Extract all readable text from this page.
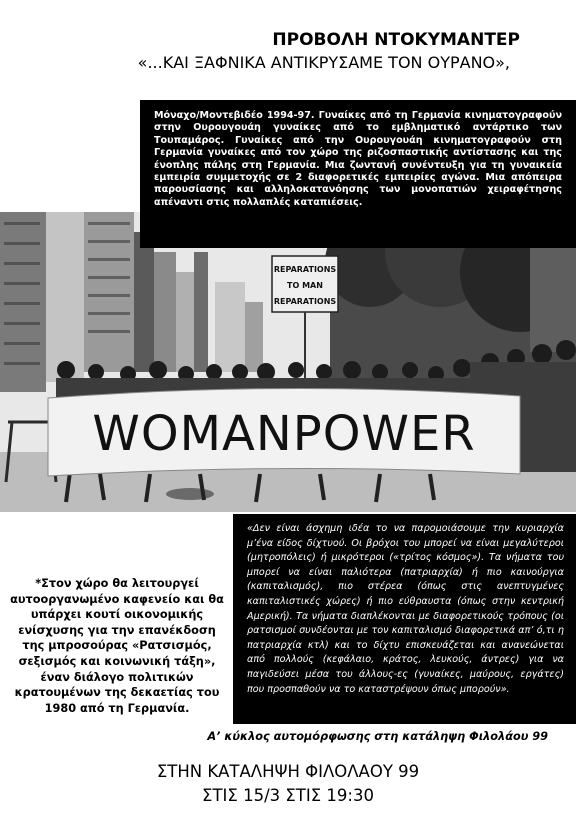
ΠΡΟΒΟΛΗ ΝΤΟΚΥΜΑΝΤΕΡ
«...ΚΑΙ ΞΑΦΝΙΚΑ ΑΝΤΙΚΡΥΣΑΜΕ ΤΟΝ ΟΥΡΑΝΟ»,
REPARATIONS
TO MAN
REPARATIONS
WOMANPOWER
Μόναχο/Μοντεβιδέο 1994-97. Γυναίκες από τη Γερμανία κινηματογραφούν στην Ουρουγουάη γυναίκες από το εμβληματικό αντάρτικο των Τουπαμάρος. Γυναίκες από την Ουρουγουάη κινηματογραφούν στη Γερμανία γυναίκες από τον χώρο της ριζοσπαστικής αντίστασης και της ένοπλης πάλης στη Γερμανία. Μια ζωντανή συνέντευξη για τη γυναικεία εμπειρία συμμετοχής σε 2 διαφορετικές εμπειρίες αγώνα. Μια απόπειρα παρουσίασης και αλληλοκατανόησης των μονοπατιών χειραφέτησης απέναντι στις πολλαπλές καταπιέσεις.
«Δεν είναι άσχημη ιδέα το να παρομοιάσουμε την κυριαρχία μ’ένα είδος δίχτυού. Οι βρόχοι του μπορεί να είναι μεγαλύτεροι (μητροπόλεις) ή μικρότεροι («τρίτος κόσμος»). Τα νήματα του μπορεί να είναι παλιότερα (πατριαρχία) ή πιο καινούργια (καπιταλισμός), πιο στέρεα (όπως στις ανεπτυγμένες καπιταλιστικές χώρες) ή πιο εύθραυστα (όπως στην κεντρική Αμερική). Τα νήματα διαπλέκονται με διαφορετικούς τρόπους (οι ρατσισμοί συνδέονται με τον καπιταλισμό διαφορετικά απ’ ό,τι η πατριαρχία κτλ) και το δίχτυ επισκευάζεται και ανανεώνεται από πολλούς (κεφάλαιο, κράτος, λευκούς, άντρες) για να παγιδεύσει μέσα του άλλους-ες (γυναίκες, μαύρους, εργάτες) που προσπαθούν να το καταστρέψουν όπως μπορούν».
*Στον χώρο θα λειτουργεί αυτοοργανωμένο καφενείο και θα υπάρχει κουτί οικονομικής ενίσχυσης για την επανέκδοση της μπροσούρας «Ρατσισμός, σεξισμός και κοινωνική τάξη», έναν διάλογο πολιτικών κρατουμένων της δεκαετίας του 1980 από τη Γερμανία.
Α’ κύκλος αυτομόρφωσης στη κατάληψη Φιλολάου 99
ΣΤΗΝ ΚΑΤΑΛΗΨΗ ΦΙΛΟΛΑΟΥ 99
ΣΤΙΣ 15/3 ΣΤΙΣ 19:30
